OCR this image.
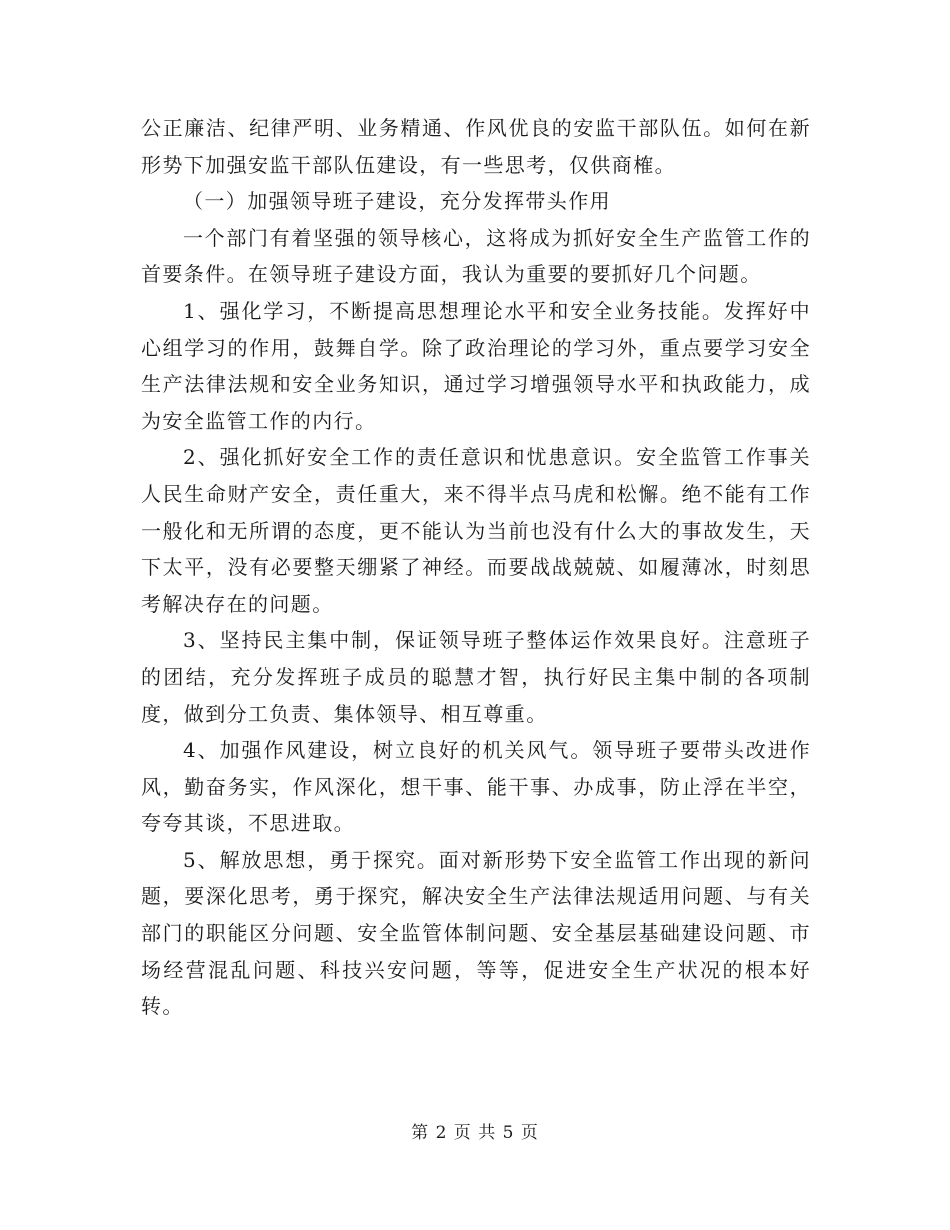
公正廉洁、纪律严明、业务精通、作风优良的安监干部队伍。如何在新形势下加强安监干部队伍建设，有一些思考，仅供商榷。

（一）加强领导班子建设，充分发挥带头作用

一个部门有着坚强的领导核心，这将成为抓好安全生产监管工作的首要条件。在领导班子建设方面，我认为重要的要抓好几个问题。

1、强化学习，不断提高思想理论水平和安全业务技能。发挥好中心组学习的作用，鼓舞自学。除了政治理论的学习外，重点要学习安全生产法律法规和安全业务知识，通过学习增强领导水平和执政能力，成为安全监管工作的内行。

2、强化抓好安全工作的责任意识和忧患意识。安全监管工作事关人民生命财产安全，责任重大，来不得半点马虎和松懈。绝不能有工作一般化和无所谓的态度，更不能认为当前也没有什么大的事故发生，天下太平，没有必要整天绷紧了神经。而要战战兢兢、如履薄冰，时刻思考解决存在的问题。

3、坚持民主集中制，保证领导班子整体运作效果良好。注意班子的团结，充分发挥班子成员的聪慧才智，执行好民主集中制的各项制度，做到分工负责、集体领导、相互尊重。

4、加强作风建设，树立良好的机关风气。领导班子要带头改进作风，勤奋务实，作风深化，想干事、能干事、办成事，防止浮在半空，夸夸其谈，不思进取。

5、解放思想，勇于探究。面对新形势下安全监管工作出现的新问题，要深化思考，勇于探究，解决安全生产法律法规适用问题、与有关部门的职能区分问题、安全监管体制问题、安全基层基础建设问题、市场经营混乱问题、科技兴安问题，等等，促进安全生产状况的根本好转。

第 2 页 共 5 页
